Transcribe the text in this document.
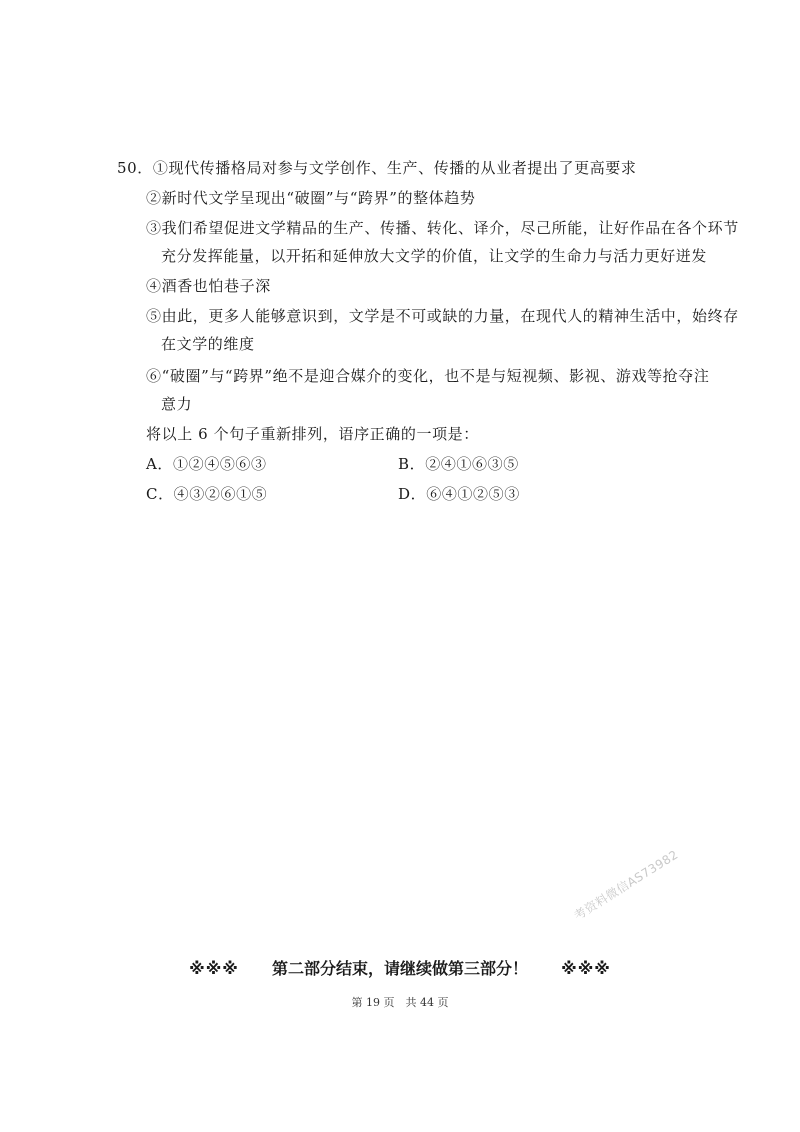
50．①现代传播格局对参与文学创作、生产、传播的从业者提出了更高要求
②新时代文学呈现出“破圈”与“跨界”的整体趋势
③我们希望促进文学精品的生产、传播、转化、译介，尽己所能，让好作品在各个环节
充分发挥能量，以开拓和延伸放大文学的价值，让文学的生命力与活力更好迸发
④酒香也怕巷子深
⑤由此，更多人能够意识到，文学是不可或缺的力量，在现代人的精神生活中，始终存
在文学的维度
⑥“破圈”与“跨界”绝不是迎合媒介的变化，也不是与短视频、影视、游戏等抢夺注
意力
将以上 6 个句子重新排列，语序正确的一项是：
A．①②④⑤⑥③	B．②④①⑥③⑤
C．④③②⑥①⑤	D．⑥④①②⑤③
※※※ 第二部分结束，请继续做第三部分！ ※※※
考资料微信AS73982
第 19 页　共 44 页
